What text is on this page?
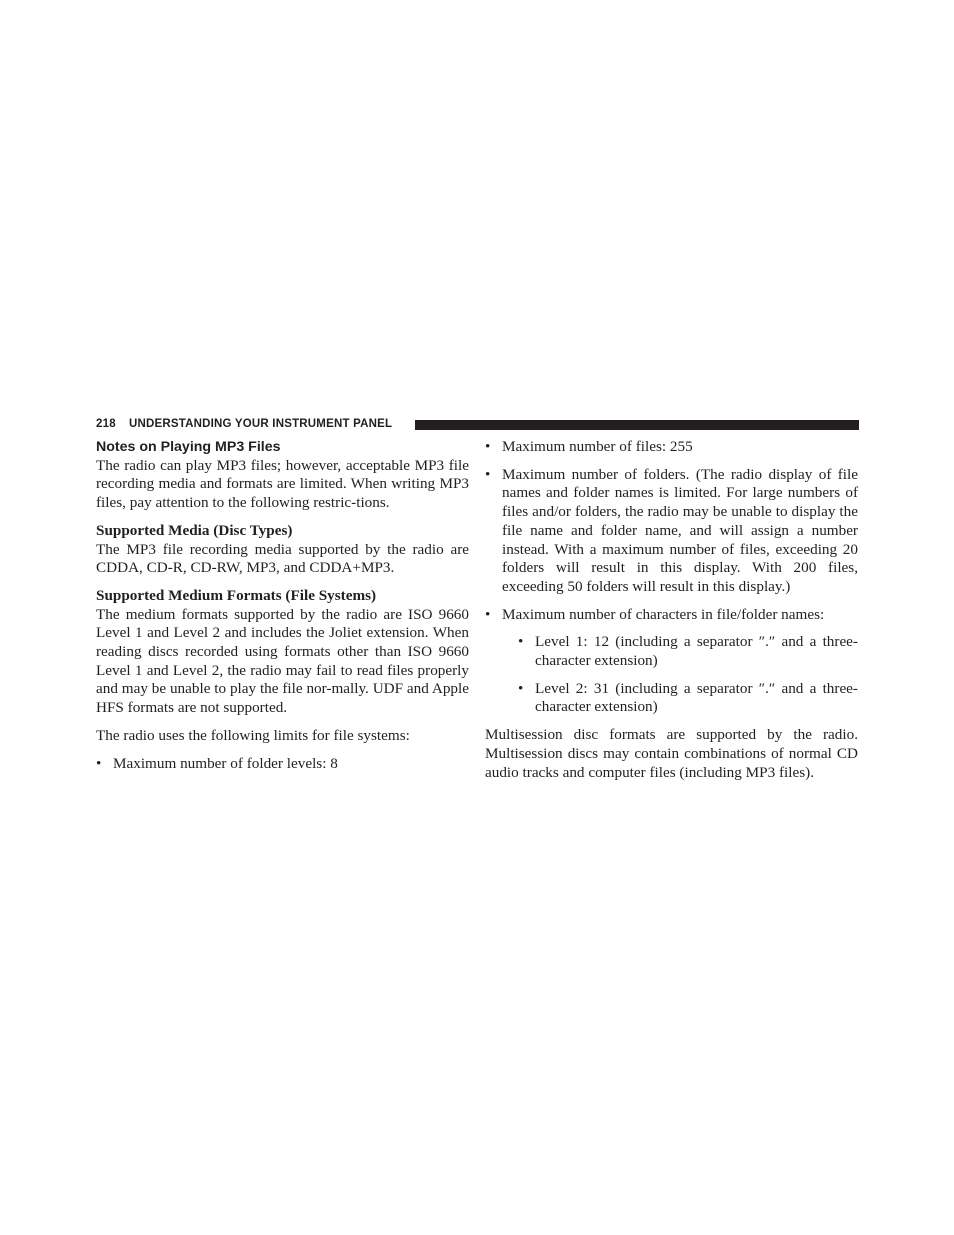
218 UNDERSTANDING YOUR INSTRUMENT PANEL
Notes on Playing MP3 Files

The radio can play MP3 files; however, acceptable MP3 file recording media and formats are limited. When writing MP3 files, pay attention to the following restric-tions.

Supported Media (Disc Types)

The MP3 file recording media supported by the radio are CDDA, CD-R, CD-RW, MP3, and CDDA+MP3.

Supported Medium Formats (File Systems)

The medium formats supported by the radio are ISO 9660 Level 1 and Level 2 and includes the Joliet extension. When reading discs recorded using formats other than ISO 9660 Level 1 and Level 2, the radio may fail to read files properly and may be unable to play the file nor-mally. UDF and Apple HFS formats are not supported.

The radio uses the following limits for file systems:

• Maximum number of folder levels: 8
• Maximum number of files: 255
• Maximum number of folders. (The radio display of file names and folder names is limited. For large numbers of files and/or folders, the radio may be unable to display the file name and folder name, and will assign a number instead. With a maximum number of files, exceeding 20 folders will result in this display. With 200 files, exceeding 50 folders will result in this display.)
• Maximum number of characters in file/folder names:
• Level 1: 12 (including a separator ″.″ and a three-character extension)
• Level 2: 31 (including a separator ″.″ and a three-character extension)

Multisession disc formats are supported by the radio. Multisession discs may contain combinations of normal CD audio tracks and computer files (including MP3 files).
